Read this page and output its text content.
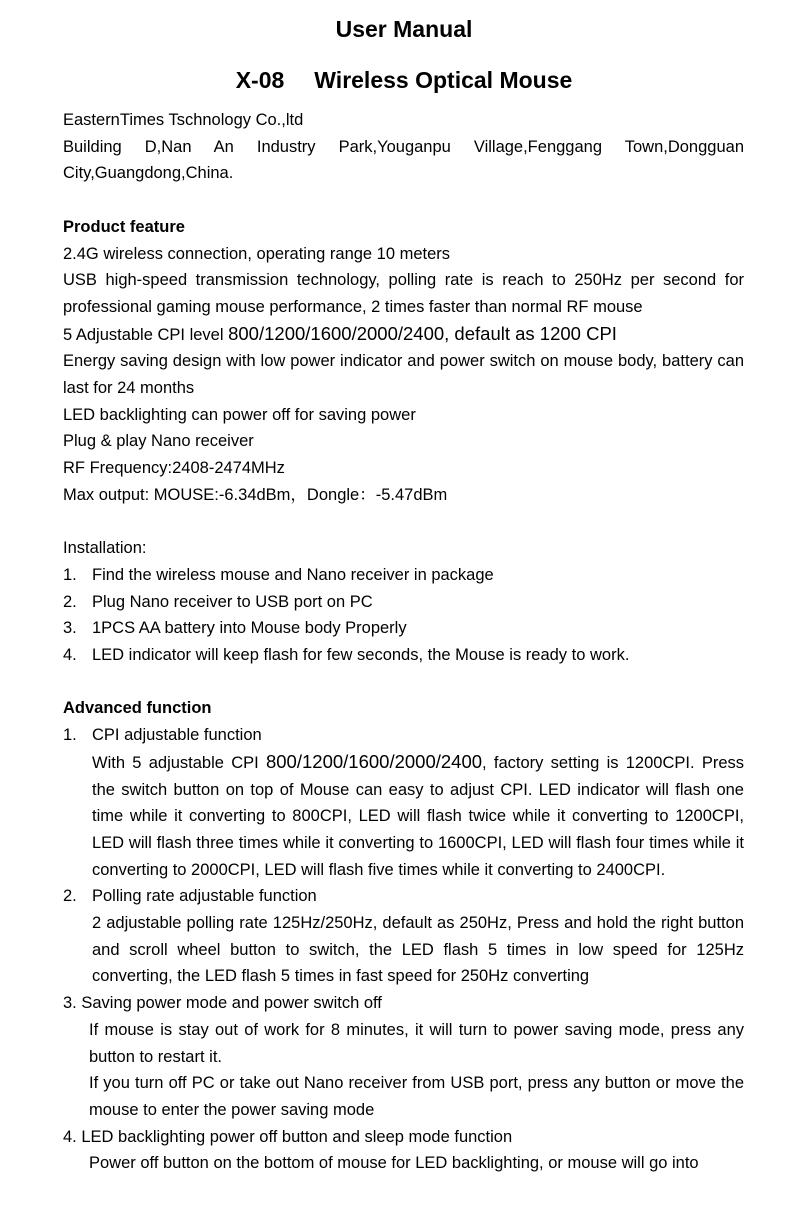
User Manual
X-08 Wireless Optical Mouse

EasternTimes Tschnology Co.,ltd

Building D,Nan An Industry Park,Youganpu Village,Fenggang Town,Dongguan City,Guangdong,China.

Product feature

2.4G wireless connection, operating range 10 meters

USB high-speed transmission technology, polling rate is reach to 250Hz per second for professional gaming mouse performance, 2 times faster than normal RF mouse

5 Adjustable CPI level 800/1200/1600/2000/2400, default as 1200 CPI

Energy saving design with low power indicator and power switch on mouse body, battery can last for 24 months

LED backlighting can power off for saving power

Plug & play Nano receiver

RF Frequency:2408-2474MHz

Max output: MOUSE:-6.34dBm，Dongle：-5.47dBm

Installation:

1. Find the wireless mouse and Nano receiver in package

2. Plug Nano receiver to USB port on PC

3. 1PCS AA battery into Mouse body Properly

4. LED indicator will keep flash for few seconds, the Mouse is ready to work.

Advanced function

1. CPI adjustable function

With 5 adjustable CPI 800/1200/1600/2000/2400, factory setting is 1200CPI. Press the switch button on top of Mouse can easy to adjust CPI. LED indicator will flash one time while it converting to 800CPI, LED will flash twice while it converting to 1200CPI, LED will flash three times while it converting to 1600CPI, LED will flash four times while it converting to 2000CPI, LED will flash five times while it converting to 2400CPI.

2. Polling rate adjustable function

2 adjustable polling rate 125Hz/250Hz, default as 250Hz, Press and hold the right button and scroll wheel button to switch, the LED flash 5 times in low speed for 125Hz converting, the LED flash 5 times in fast speed for 250Hz converting

3. Saving power mode and power switch off

If mouse is stay out of work for 8 minutes, it will turn to power saving mode, press any button to restart it.

If you turn off PC or take out Nano receiver from USB port, press any button or move the mouse to enter the power saving mode

4. LED backlighting power off button and sleep mode function

Power off button on the bottom of mouse for LED backlighting, or mouse will go into
